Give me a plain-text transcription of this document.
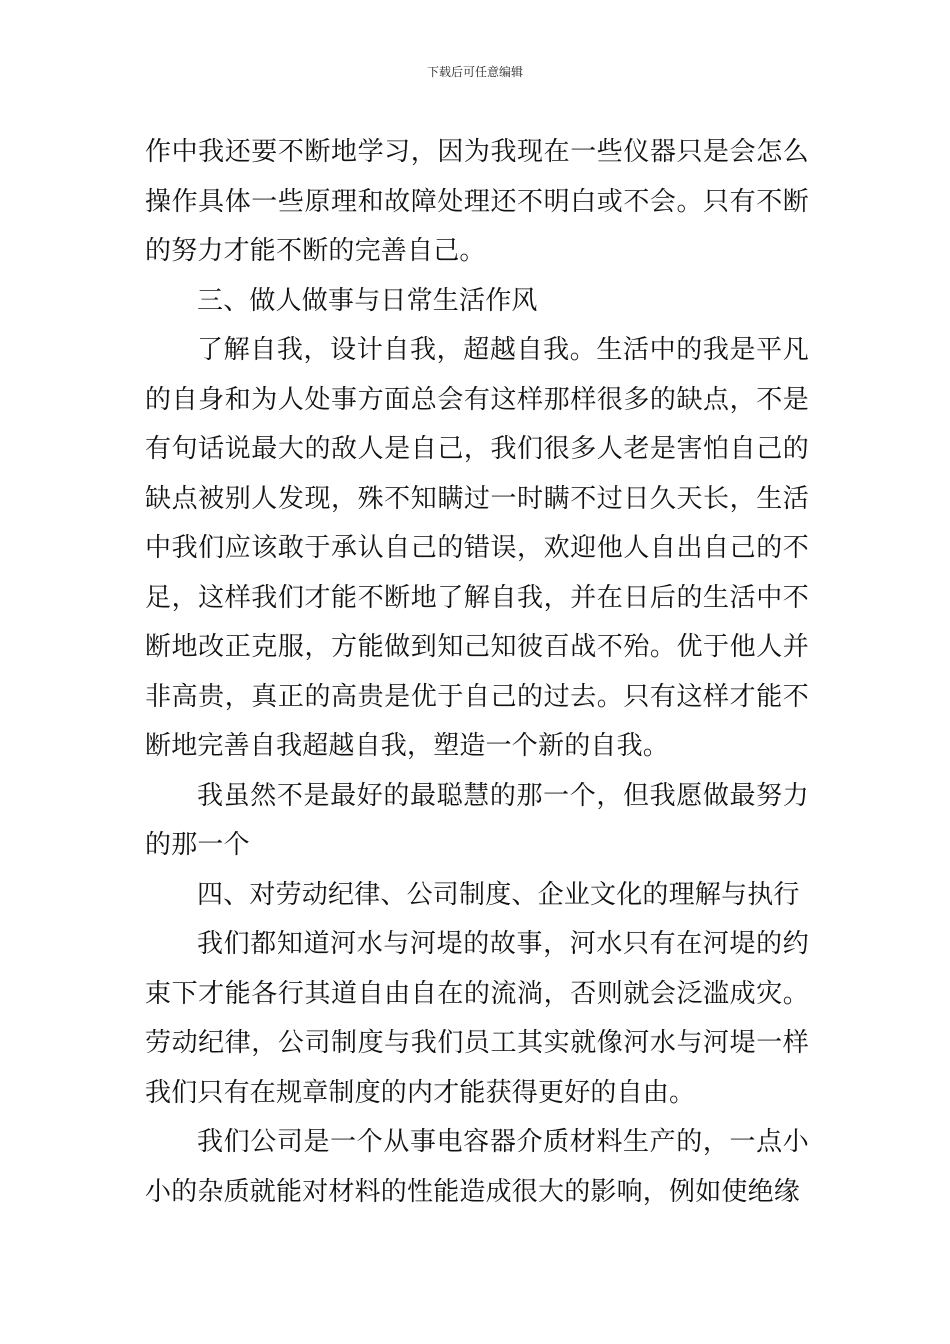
下载后可任意编辑

作中我还要不断地学习，因为我现在一些仪器只是会怎么操作具体一些原理和故障处理还不明白或不会。只有不断的努力才能不断的完善自己。

三、做人做事与日常生活作风

了解自我，设计自我，超越自我。生活中的我是平凡的自身和为人处事方面总会有这样那样很多的缺点，不是有句话说最大的敌人是自己，我们很多人老是害怕自己的缺点被别人发现，殊不知瞒过一时瞒不过日久天长，生活中我们应该敢于承认自己的错误，欢迎他人自出自己的不足，这样我们才能不断地了解自我，并在日后的生活中不断地改正克服，方能做到知己知彼百战不殆。优于他人并非高贵，真正的高贵是优于自己的过去。只有这样才能不断地完善自我超越自我，塑造一个新的自我。

我虽然不是最好的最聪慧的那一个，但我愿做最努力的那一个

四、对劳动纪律、公司制度、企业文化的理解与执行

我们都知道河水与河堤的故事，河水只有在河堤的约束下才能各行其道自由自在的流淌，否则就会泛滥成灾。劳动纪律，公司制度与我们员工其实就像河水与河堤一样我们只有在规章制度的内才能获得更好的自由。

我们公司是一个从事电容器介质材料生产的，一点小小的杂质就能对材料的性能造成很大的影响，例如使绝缘
